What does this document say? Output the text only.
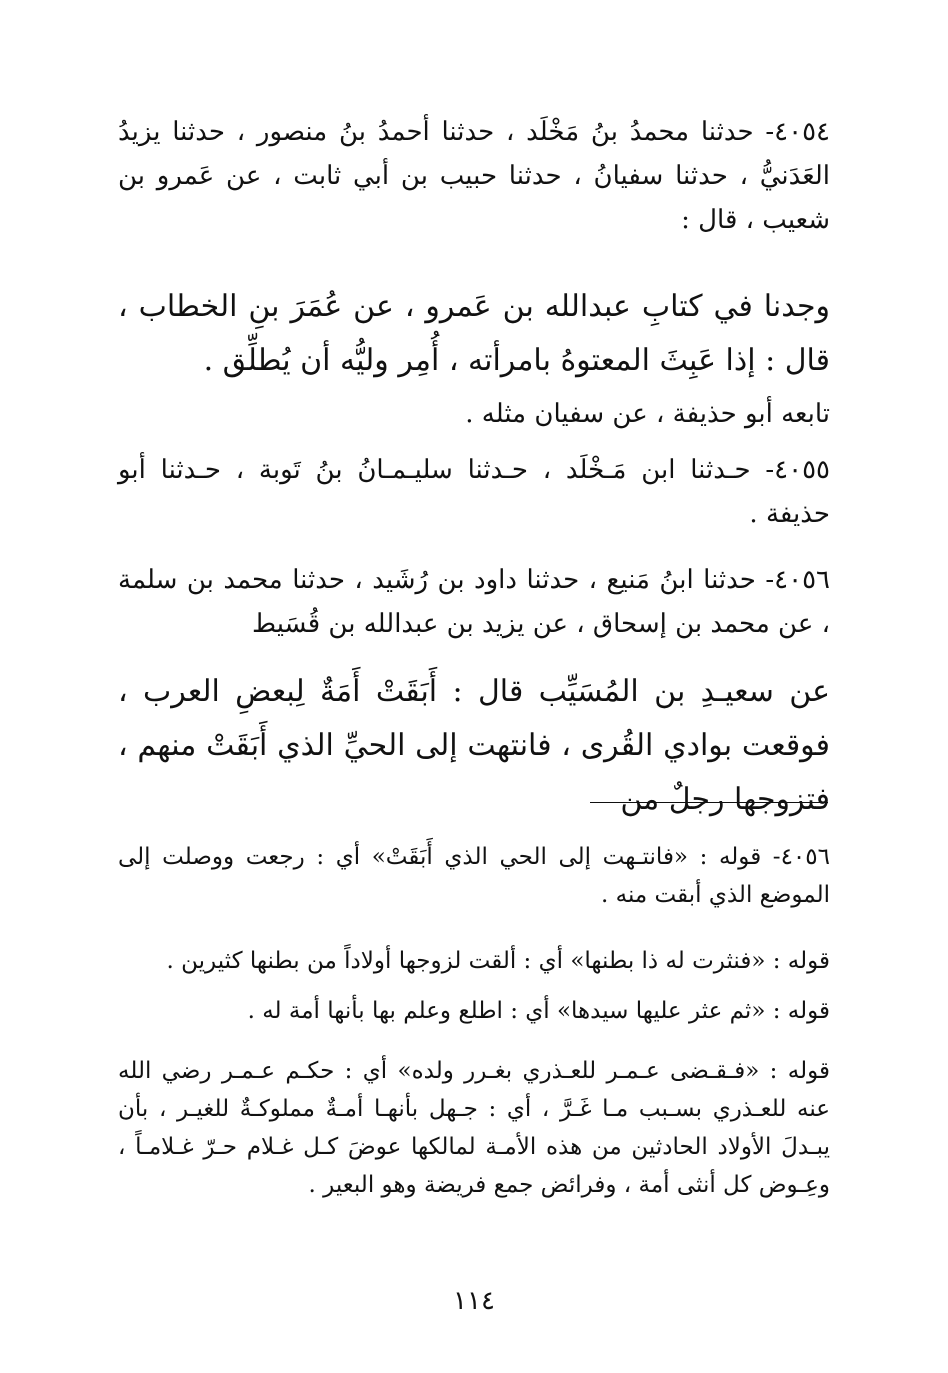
٤٠٥٤- حدثنا محمدُ بنُ مَخْلَد ، حدثنا أحمدُ بنُ منصور ، حدثنا يزيدُ العَدَنيُّ ، حدثنا سفيانُ ، حدثنا حبيب بن أبي ثابت ، عن عَمرو بن شعيب ، قال :

وجدنا في كتابِ عبدالله بن عَمرو ، عن عُمَرَ بنِ الخطاب ، قال : إذا عَبِثَ المعتوهُ بامرأته ، أُمِر وليُّه أن يُطلِّق .

تابعه أبو حذيفة ، عن سفيان مثله .

٤٠٥٥- حـدثنا ابن مَـخْلَد ، حـدثنا سليـمـانُ بنُ تَوبة ، حـدثنا أبو حذيفة .

٤٠٥٦- حدثنا ابنُ مَنيع ، حدثنا داود بن رُشَيد ، حدثنا محمد بن سلمة ، عن محمد بن إسحاق ، عن يزيد بن عبدالله بن قُسَيط

عن سعيـدِ بن المُسَيِّب قال : أَبَقَتْ أَمَةٌ لِبعضِ العرب ، فوقعت بوادي القُرى ، فانتهت إلى الحيِّ الذي أَبَقَتْ منهم ، فتزوجها رجلٌ من

٤٠٥٦- قوله : «فانتـهت إلى الحي الذي أَبَقَتْ» أي : رجعت ووصلت إلى الموضع الذي أبقت منه .

قوله : «فنثرت له ذا بطنها» أي : ألقت لزوجها أولاداً من بطنها كثيرين .

قوله : «ثم عثر عليها سيدها» أي : اطلع وعلم بها بأنها أمة له .

قوله : «فـقـضى عـمـر للعـذري بغـرر ولده» أي : حكـم عـمـر رضي الله عنه للعـذري بسـبب مـا غَـرَّ ، أي : جـهل بأنهـا أمـةٌ مملوكـةٌ للغيـر ، بأن يبـدلَ الأولاد الحادثين من هذه الأمـة لمالكها عوضَ كـل غـلام حـرّ غـلامـاً ، وعِـوض كل أنثى أمة ، وفرائض جمع فريضة وهو البعير .

١١٤
